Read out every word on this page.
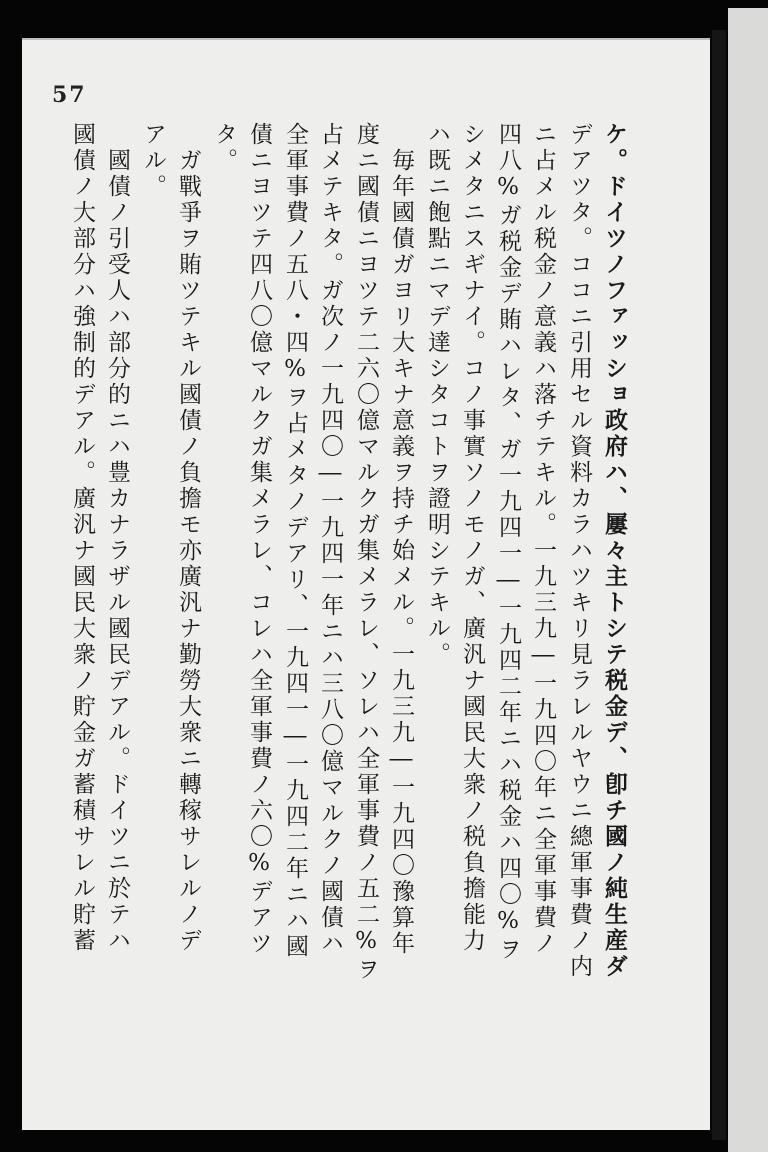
57
ケ。ドイツノファッショ政府ハ、屢々主トシテ税金デ、卽チ國ノ純生産ダ
デアツタ。ココニ引用セル資料カラハツキリ見ラレルヤウニ總軍事費ノ内
ニ占メル税金ノ意義ハ落チテキル。一九三九―一九四〇年ニ全軍事費ノ
四八%ガ税金デ賄ハレタ、ガ一九四一―一九四二年ニハ税金ハ四〇%ヲ
シメタニスギナイ。コノ事實ソノモノガ、廣汎ナ國民大衆ノ税負擔能力
ハ既ニ飽點ニマデ達シタコトヲ證明シテキル。
　毎年國債ガヨリ大キナ意義ヲ持チ始メル。一九三九―一九四〇豫算年
度ニ國債ニヨツテ二六〇億マルクガ集メラレ、ソレハ全軍事費ノ五二%ヲ
占メテキタ。ガ次ノ一九四〇―一九四一年ニハ三八〇億マルクノ國債ハ
全軍事費ノ五八・四%ヲ占メタノデアリ、一九四一―一九四二年ニハ國
債ニヨツテ四八〇億マルクガ集メラレ、コレハ全軍事費ノ六〇%デアツ
タ。
　ガ戰爭ヲ賄ツテキル國債ノ負擔モ亦廣汎ナ勤勞大衆ニ轉稼サレルノデ
アル。
　國債ノ引受人ハ部分的ニハ豊カナラザル國民デアル。ドイツニ於テハ
國債ノ大部分ハ強制的デアル。廣汎ナ國民大衆ノ貯金ガ蓄積サレル貯蓄
